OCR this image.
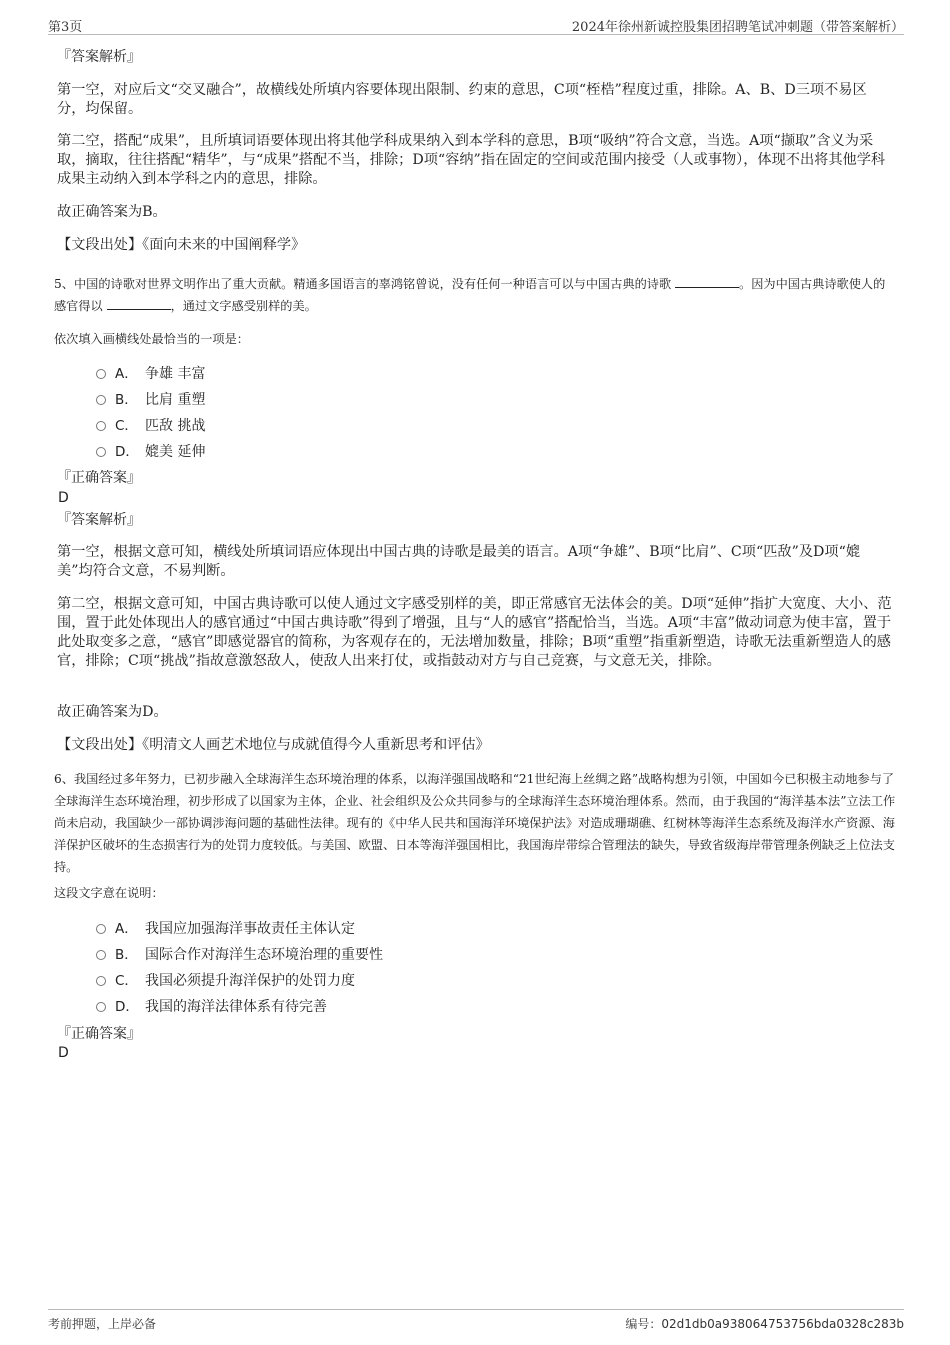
第3页	2024年徐州新诚控股集团招聘笔试冲刺题（带答案解析）
『答案解析』

第一空，对应后文“交叉融合”，故横线处所填内容要体现出限制、约束的意思，C项“桎梏”程度过重，排除。A、B、D三项不易区分，均保留。

第二空，搭配“成果”，且所填词语要体现出将其他学科成果纳入到本学科的意思，B项“吸纳”符合文意，当选。A项“撷取”含义为采取，摘取，往往搭配“精华”，与“成果”搭配不当，排除；D项“容纳”指在固定的空间或范围内接受（人或事物），体现不出将其他学科成果主动纳入到本学科之内的意思，排除。

故正确答案为B。

【文段出处】《面向未来的中国阐释学》

5、中国的诗歌对世界文明作出了重大贡献。精通多国语言的辜鸿铭曾说，没有任何一种语言可以与中国古典的诗歌	。因为中国古典诗歌使人的感官得以	，通过文字感受别样的美。

依次填入画横线处最恰当的一项是：

A． 争雄 丰富
B． 比肩 重塑
C． 匹敌 挑战
D． 媲美 延伸
『正确答案』
D
『答案解析』

第一空，根据文意可知，横线处所填词语应体现出中国古典的诗歌是最美的语言。A项“争雄”、B项“比肩”、C项“匹敌”及D项“媲美”均符合文意，不易判断。

第二空，根据文意可知，中国古典诗歌可以使人通过文字感受别样的美，即正常感官无法体会的美。D项“延伸”指扩大宽度、大小、范围，置于此处体现出人的感官通过“中国古典诗歌”得到了增强，且与“人的感官”搭配恰当，当选。A项“丰富”做动词意为使丰富，置于此处取变多之意，“感官”即感觉器官的简称，为客观存在的，无法增加数量，排除；B项“重塑”指重新塑造，诗歌无法重新塑造人的感官，排除；C项“挑战”指故意激怒敌人，使敌人出来打仗，或指鼓动对方与自己竞赛，与文意无关，排除。

故正确答案为D。

【文段出处】《明清文人画艺术地位与成就值得今人重新思考和评估》

6、我国经过多年努力，已初步融入全球海洋生态环境治理的体系，以海洋强国战略和“21世纪海上丝绸之路”战略构想为引领，中国如今已积极主动地参与了全球海洋生态环境治理，初步形成了以国家为主体，企业、社会组织及公众共同参与的全球海洋生态环境治理体系。然而，由于我国的“海洋基本法”立法工作尚未启动，我国缺少一部协调涉海问题的基础性法律。现有的《中华人民共和国海洋环境保护法》对造成珊瑚礁、红树林等海洋生态系统及海洋水产资源、海洋保护区破坏的生态损害行为的处罚力度较低。与美国、欧盟、日本等海洋强国相比，我国海岸带综合管理法的缺失，导致省级海岸带管理条例缺乏上位法支持。

这段文字意在说明：

A． 我国应加强海洋事故责任主体认定
B． 国际合作对海洋生态环境治理的重要性
C． 我国必须提升海洋保护的处罚力度
D． 我国的海洋法律体系有待完善
『正确答案』
D
考前押题，上岸必备	编号：02d1db0a938064753756bda0328c283b
